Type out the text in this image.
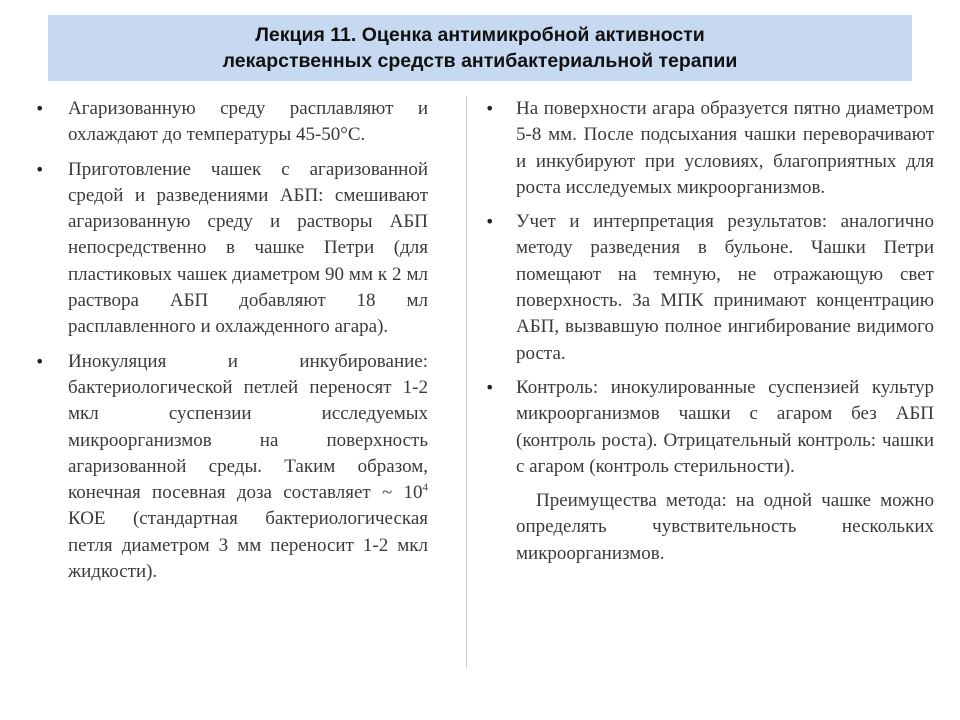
Лекция 11. Оценка антимикробной активности
лекарственных средств антибактериальной терапии
• Агаризованную среду расплавляют и охлаждают до температуры 45-50°С.
• Приготовление чашек с агаризованной средой и разведениями АБП: смешивают агаризованную среду и растворы АБП непосредственно в чашке Петри (для пластиковых чашек диаметром 90 мм к 2 мл раствора АБП добавляют 18 мл расплавленного и охлажденного агара).
• Инокуляция и инкубирование: бактериологической петлей переносят 1-2 мкл суспензии исследуемых микроорганизмов на поверхность агаризованной среды. Таким образом, конечная посевная доза составляет ~ $10^4$ КОЕ (стандартная бактериологическая петля диаметром 3 мм переносит 1-2 мкл жидкости).
• На поверхности агара образуется пятно диаметром 5-8 мм. После подсыхания чашки переворачивают и инкубируют при условиях, благоприятных для роста исследуемых микроорганизмов.
• Учет и интерпретация результатов: аналогично методу разведения в бульоне. Чашки Петри помещают на темную, не отражающую свет поверхность. За МПК принимают концентрацию АБП, вызвавшую полное ингибирование видимого роста.
• Контроль: инокулированные суспензией культур микроорганизмов чашки с агаром без АБП (контроль роста). Отрицательный контроль: чашки с агаром (контроль стерильности).
Преимущества метода: на одной чашке можно определять чувствительность нескольких микроорганизмов.
